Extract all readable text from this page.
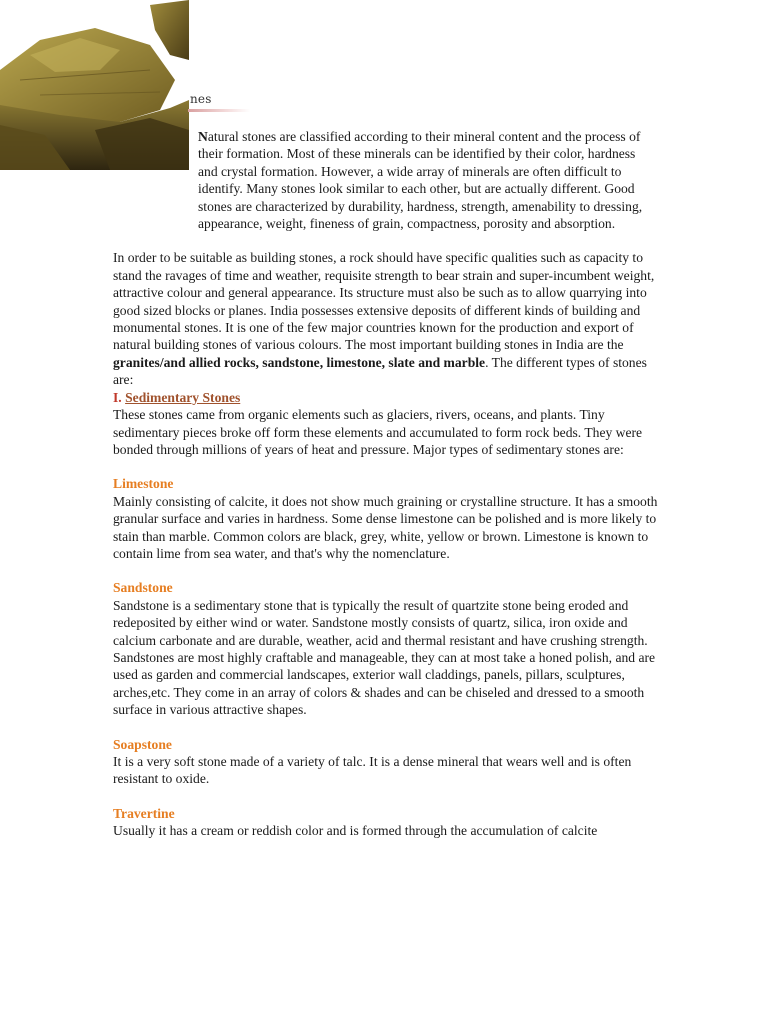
nes

Natural stones are classified according to their mineral content and the process of their formation. Most of these minerals can be identified by their color, hardness and crystal formation. However, a wide array of minerals are often difficult to identify. Many stones look similar to each other, but are actually different. Good stones are characterized by durability, hardness, strength, amenability to dressing, appearance, weight, fineness of grain, compactness, porosity and absorption.

In order to be suitable as building stones, a rock should have specific qualities such as capacity to stand the ravages of time and weather, requisite strength to bear strain and super-incumbent weight, attractive colour and general appearance. Its structure must also be such as to allow quarrying into good sized blocks or planes. India possesses extensive deposits of different kinds of building and monumental stones. It is one of the few major countries known for the production and export of natural building stones of various colours. The most important building stones in India are the granites/and allied rocks, sandstone, limestone, slate and marble. The different types of stones are:

I. Sedimentary Stones

These stones came from organic elements such as glaciers, rivers, oceans, and plants. Tiny sedimentary pieces broke off form these elements and accumulated to form rock beds. They were bonded through millions of years of heat and pressure. Major types of sedimentary stones are:

Limestone

Mainly consisting of calcite, it does not show much graining or crystalline structure. It has a smooth granular surface and varies in hardness. Some dense limestone can be polished and is more likely to stain than marble. Common colors are black, grey, white, yellow or brown. Limestone is known to contain lime from sea water, and that's why the nomenclature.

Sandstone

Sandstone is a sedimentary stone that is typically the result of quartzite stone being eroded and redeposited by either wind or water. Sandstone mostly consists of quartz, silica, iron oxide and calcium carbonate and are durable, weather, acid and thermal resistant and have crushing strength. Sandstones are most highly craftable and manageable, they can at most take a honed polish, and are used as garden and commercial landscapes, exterior wall claddings, panels, pillars, sculptures, arches,etc. They come in an array of colors & shades and can be chiseled and dressed to a smooth surface in various attractive shapes.

Soapstone

It is a very soft stone made of a variety of talc. It is a dense mineral that wears well and is often resistant to oxide.

Travertine

Usually it has a cream or reddish color and is formed through the accumulation of calcite
